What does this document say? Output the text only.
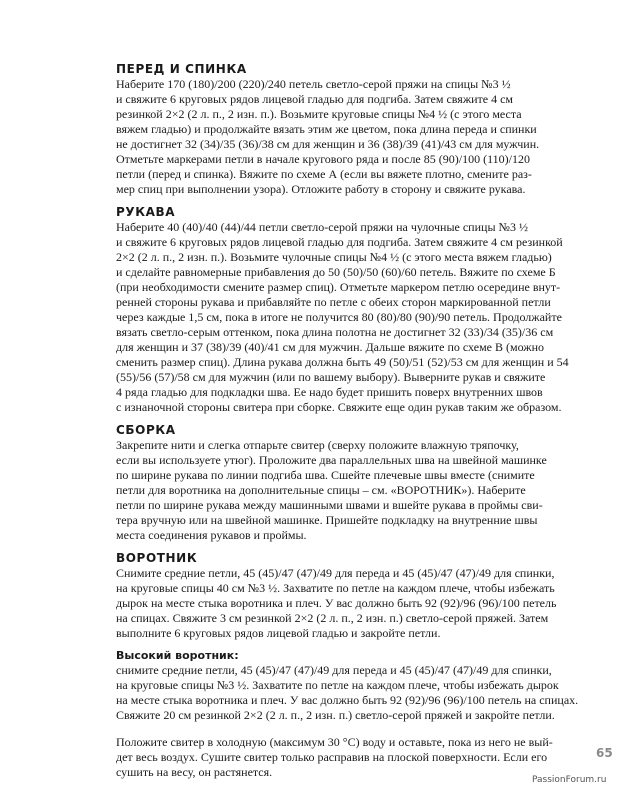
ПЕРЕД И СПИНКА

Наберите 170 (180)/200 (220)/240 петель светло-серой пряжи на спицы №3 ½
и свяжите 6 круговых рядов лицевой гладью для подгиба. Затем свяжите 4 см
резинкой 2×2 (2 л. п., 2 изн. п.). Возьмите круговые спицы №4 ½ (с этого места
вяжем гладью) и продолжайте вязать этим же цветом, пока длина переда и спинки
не достигнет 32 (34)/35 (36)/38 см для женщин и 36 (38)/39 (41)/43 см для мужчин.
Отметьте маркерами петли в начале кругового ряда и после 85 (90)/100 (110)/120
петли (перед и спинка). Вяжите по схеме А (если вы вяжете плотно, смените раз-
мер спиц при выполнении узора). Отложите работу в сторону и свяжите рукава.

РУКАВА

Наберите 40 (40)/40 (44)/44 петли светло-серой пряжи на чулочные спицы №3 ½
и свяжите 6 круговых рядов лицевой гладью для подгиба. Затем свяжите 4 см резинкой
2×2 (2 л. п., 2 изн. п.). Возьмите чулочные спицы №4 ½ (с этого места вяжем гладью)
и сделайте равномерные прибавления до 50 (50)/50 (60)/60 петель. Вяжите по схеме Б
(при необходимости смените размер спиц). Отметьте маркером петлю осередине внут-
ренней стороны рукава и прибавляйте по петле с обеих сторон маркированной петли
через каждые 1,5 см, пока в итоге не получится 80 (80)/80 (90)/90 петель. Продолжайте
вязать светло-серым оттенком, пока длина полотна не достигнет 32 (33)/34 (35)/36 см
для женщин и 37 (38)/39 (40)/41 см для мужчин. Дальше вяжите по схеме В (можно
сменить размер спиц). Длина рукава должна быть 49 (50)/51 (52)/53 см для женщин и 54
(55)/56 (57)/58 см для мужчин (или по вашему выбору). Выверните рукав и свяжите
4 ряда гладью для подкладки шва. Ее надо будет пришить поверх внутренних швов
с изнаночной стороны свитера при сборке. Свяжите еще один рукав таким же образом.

СБОРКА

Закрепите нити и слегка отпарьте свитер (сверху положите влажную тряпочку,
если вы используете утюг). Проложите два параллельных шва на швейной машинке
по ширине рукава по линии подгиба шва. Сшейте плечевые швы вместе (снимите
петли для воротника на дополнительные спицы – см. «ВОРОТНИК»). Наберите
петли по ширине рукава между машинными швами и вшейте рукава в проймы сви-
тера вручную или на швейной машинке. Пришейте подкладку на внутренние швы
места соединения рукавов и проймы.

ВОРОТНИК

Снимите средние петли, 45 (45)/47 (47)/49 для переда и 45 (45)/47 (47)/49 для спинки,
на круговые спицы 40 см №3 ½. Захватите по петле на каждом плече, чтобы избежать
дырок на месте стыка воротника и плеч. У вас должно быть 92 (92)/96 (96)/100 петель
на спицах. Свяжите 3 см резинкой 2×2 (2 л. п., 2 изн. п.) светло-серой пряжей. Затем
выполните 6 круговых рядов лицевой гладью и закройте петли.

Высокий воротник:

снимите средние петли, 45 (45)/47 (47)/49 для переда и 45 (45)/47 (47)/49 для спинки,
на круговые спицы №3 ½. Захватите по петле на каждом плече, чтобы избежать дырок
на месте стыка воротника и плеч. У вас должно быть 92 (92)/96 (96)/100 петель на спицах.
Свяжите 20 см резинкой 2×2 (2 л. п., 2 изн. п.) светло-серой пряжей и закройте петли.

Положите свитер в холодную (максимум 30 °С) воду и оставьте, пока из него не вый-
дет весь воздух. Сушите свитер только расправив на плоской поверхности. Если его
сушить на весу, он растянется.

65
PassionForum.ru
